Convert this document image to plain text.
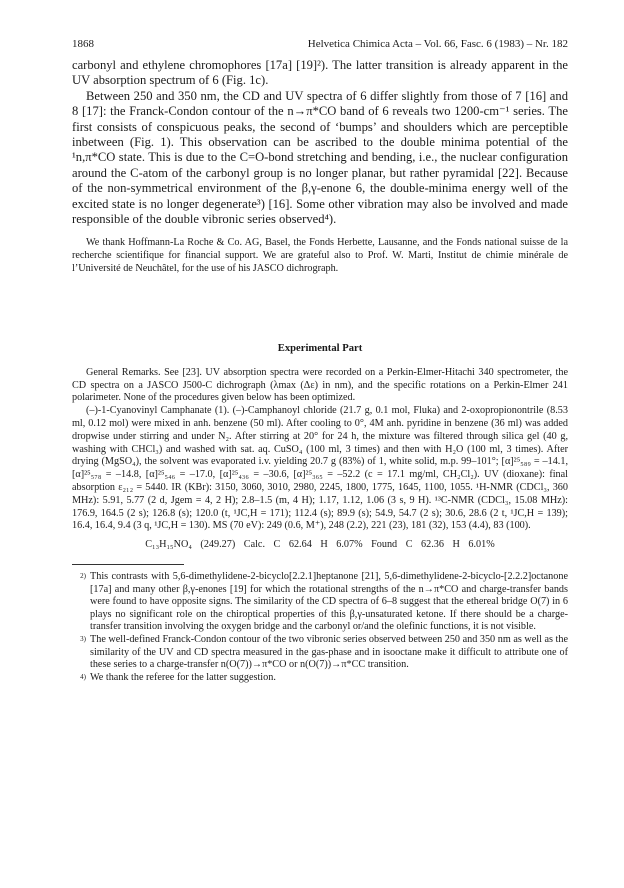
1868	Helvetica Chimica Acta – Vol. 66, Fasc. 6 (1983) – Nr. 182

carbonyl and ethylene chromophores [17a] [19]²). The latter transition is already apparent in the UV absorption spectrum of 6 (Fig. 1c).

Between 250 and 350 nm, the CD and UV spectra of 6 differ slightly from those of 7 [16] and 8 [17]: the Franck-Condon contour of the n→π*CO band of 6 reveals two 1200-cm⁻¹ series. The first consists of conspicuous peaks, the second of ‘bumps’ and shoulders which are perceptible inbetween (Fig. 1). This observation can be ascribed to the double minima potential of the ¹n,π*CO state. This is due to the C=O-bond stretching and bending, i.e., the nuclear configuration around the C-atom of the carbonyl group is no longer planar, but rather pyramidal [22]. Because of the non-symmetrical environment of the β,γ-enone 6, the double-minima energy well of the excited state is no longer degenerate³) [16]. Some other vibration may also be involved and made responsible of the double vibronic series observed⁴).

We thank Hoffmann-La Roche & Co. AG, Basel, the Fonds Herbette, Lausanne, and the Fonds national suisse de la recherche scientifique for financial support. We are grateful also to Prof. W. Marti, Institut de chimie minérale de l’Université de Neuchâtel, for the use of his JASCO dichrograph.
Experimental Part

General Remarks. See [23]. UV absorption spectra were recorded on a Perkin-Elmer-Hitachi 340 spectrometer, the CD spectra on a JASCO J500-C dichrograph (λmax (Δε) in nm), and the specific rotations on a Perkin-Elmer 241 polarimeter. None of the procedures given below has been optimized.

(–)-1-Cyanovinyl Camphanate (1). (–)-Camphanoyl chloride (21.7 g, 0.1 mol, Fluka) and 2-oxopropionontrile (8.53 ml, 0.12 mol) were mixed in anh. benzene (50 ml). After cooling to 0°, 4M anh. pyridine in benzene (36 ml) was added dropwise under stirring and under N₂. After stirring at 20° for 24 h, the mixture was filtered through silica gel (40 g, washing with CHCl₃) and washed with sat. aq. CuSO₄ (100 ml, 3 times) and then with H₂O (100 ml, 3 times). After drying (MgSO₄), the solvent was evaporated i.v. yielding 20.7 g (83%) of 1, white solid, m.p. 99–101°; [α]²⁵₅₈₉ = –14.1, [α]²⁵₅₇₈ = –14.8, [α]²⁵₅₄₆ = –17.0, [α]²⁵₄₃₆ = –30.6, [α]²⁵₃₆₅ = –52.2 (c = 17.1 mg/ml, CH₂Cl₂). UV (dioxane): final absorption ε₂₁₂ = 5440. IR (KBr): 3150, 3060, 3010, 2980, 2245, 1800, 1775, 1645, 1100, 1055. ¹H-NMR (CDCl₃, 360 MHz): 5.91, 5.77 (2 d, Jgem = 4, 2 H); 2.8–1.5 (m, 4 H); 1.17, 1.12, 1.06 (3 s, 9 H). ¹³C-NMR (CDCl₃, 15.08 MHz): 176.9, 164.5 (2 s); 126.8 (s); 120.0 (t, ¹JC,H = 171); 112.4 (s); 89.9 (s); 54.9, 54.7 (2 s); 30.6, 28.6 (2 t, ¹JC,H = 139); 16.4, 16.4, 9.4 (3 q, ¹JC,H = 130). MS (70 eV): 249 (0.6, M⁺), 248 (2.2), 221 (23), 181 (32), 153 (4.4), 83 (100).

C₁₃H₁₅NO₄ (249.27) Calc. C 62.64 H 6.07% Found C 62.36 H 6.01%
2) This contrasts with 5,6-dimethylidene-2-bicyclo[2.2.1]heptanone [21], 5,6-dimethylidene-2-bicyclo-[2.2.2]octanone [17a] and many other β,γ-enones [19] for which the rotational strengths of the n→π*CO and charge-transfer bands were found to have opposite signs. The similarity of the CD spectra of 6–8 suggest that the ethereal bridge O(7) in 6 plays no significant role on the chiroptical properties of this β,γ-unsaturated ketone. If there should be a charge-transfer transition involving the oxygen bridge and the carbonyl or/and the olefinic functions, it is not visible.
3) The well-defined Franck-Condon contour of the two vibronic series observed between 250 and 350 nm as well as the similarity of the UV and CD spectra measured in the gas-phase and in isooctane make it difficult to attribute one of these series to a charge-transfer n(O(7))→π*CO or n(O(7))→π*CC transition.
4) We thank the referee for the latter suggestion.
